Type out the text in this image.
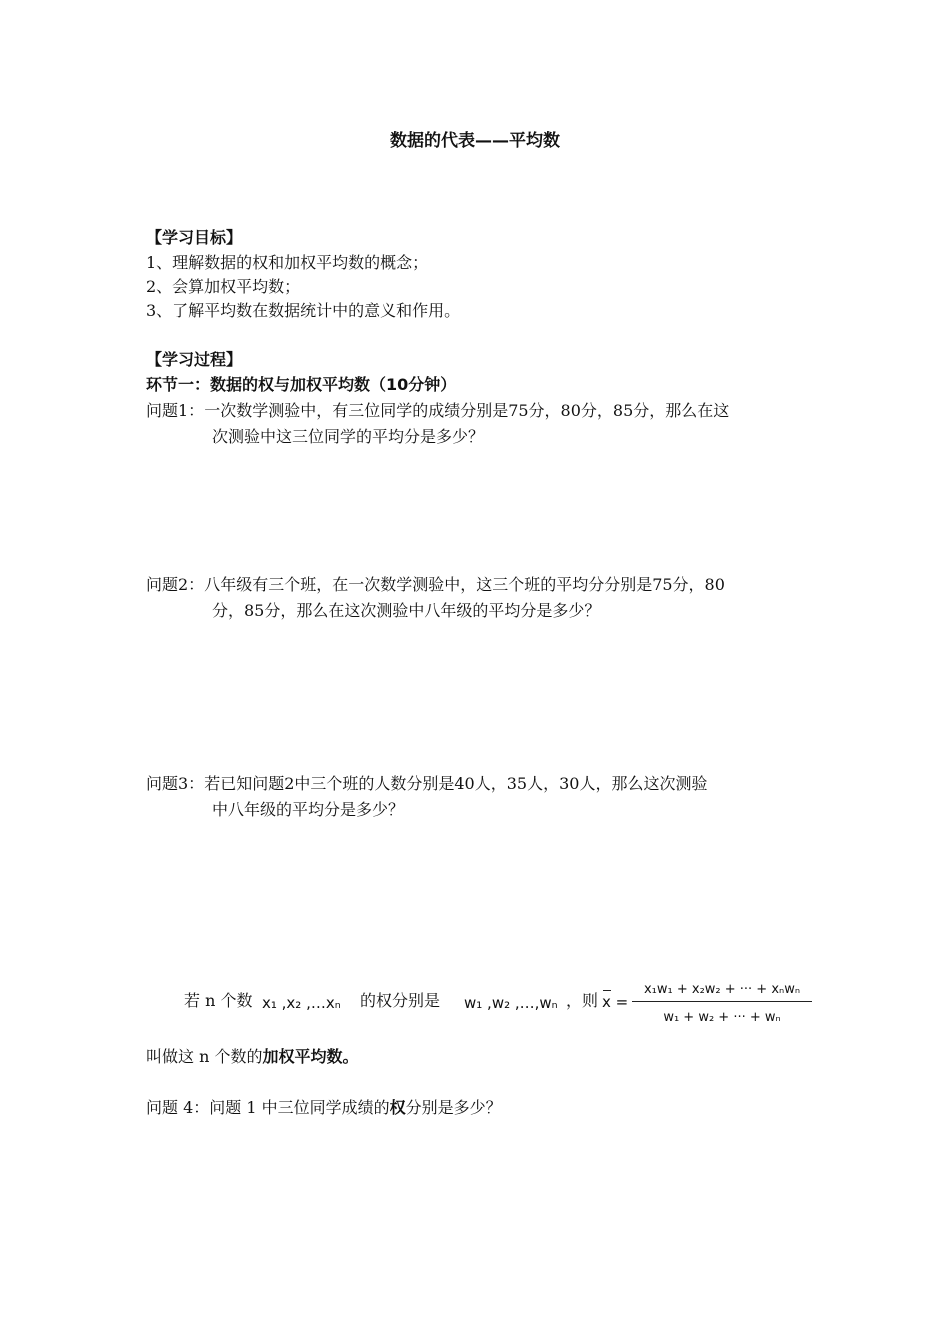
数据的代表——平均数
【学习目标】
1、理解数据的权和加权平均数的概念；
2、会算加权平均数；
3、了解平均数在数据统计中的意义和作用。
【学习过程】
环节一：数据的权与加权平均数（10分钟）
问题1：一次数学测验中，有三位同学的成绩分别是75分，80分，85分，那么在这
次测验中这三位同学的平均分是多少？
问题2：八年级有三个班，在一次数学测验中，这三个班的平均分分别是75分，80
分，85分，那么在这次测验中八年级的平均分是多少？
问题3：若已知问题2中三个班的人数分别是40人，35人，30人，那么这次测验
中八年级的平均分是多少？
若 n 个数 x₁ ,x₂ ,…xₙ 的权分别是 w₁ ,w₂ ,…,wₙ ，则 x =
x₁w₁ + x₂w₂ + ··· + xₙwₙ
w₁ + w₂ + ··· + wₙ
叫做这 n 个数的加权平均数。
问题 4：问题 1 中三位同学成绩的权分别是多少？
